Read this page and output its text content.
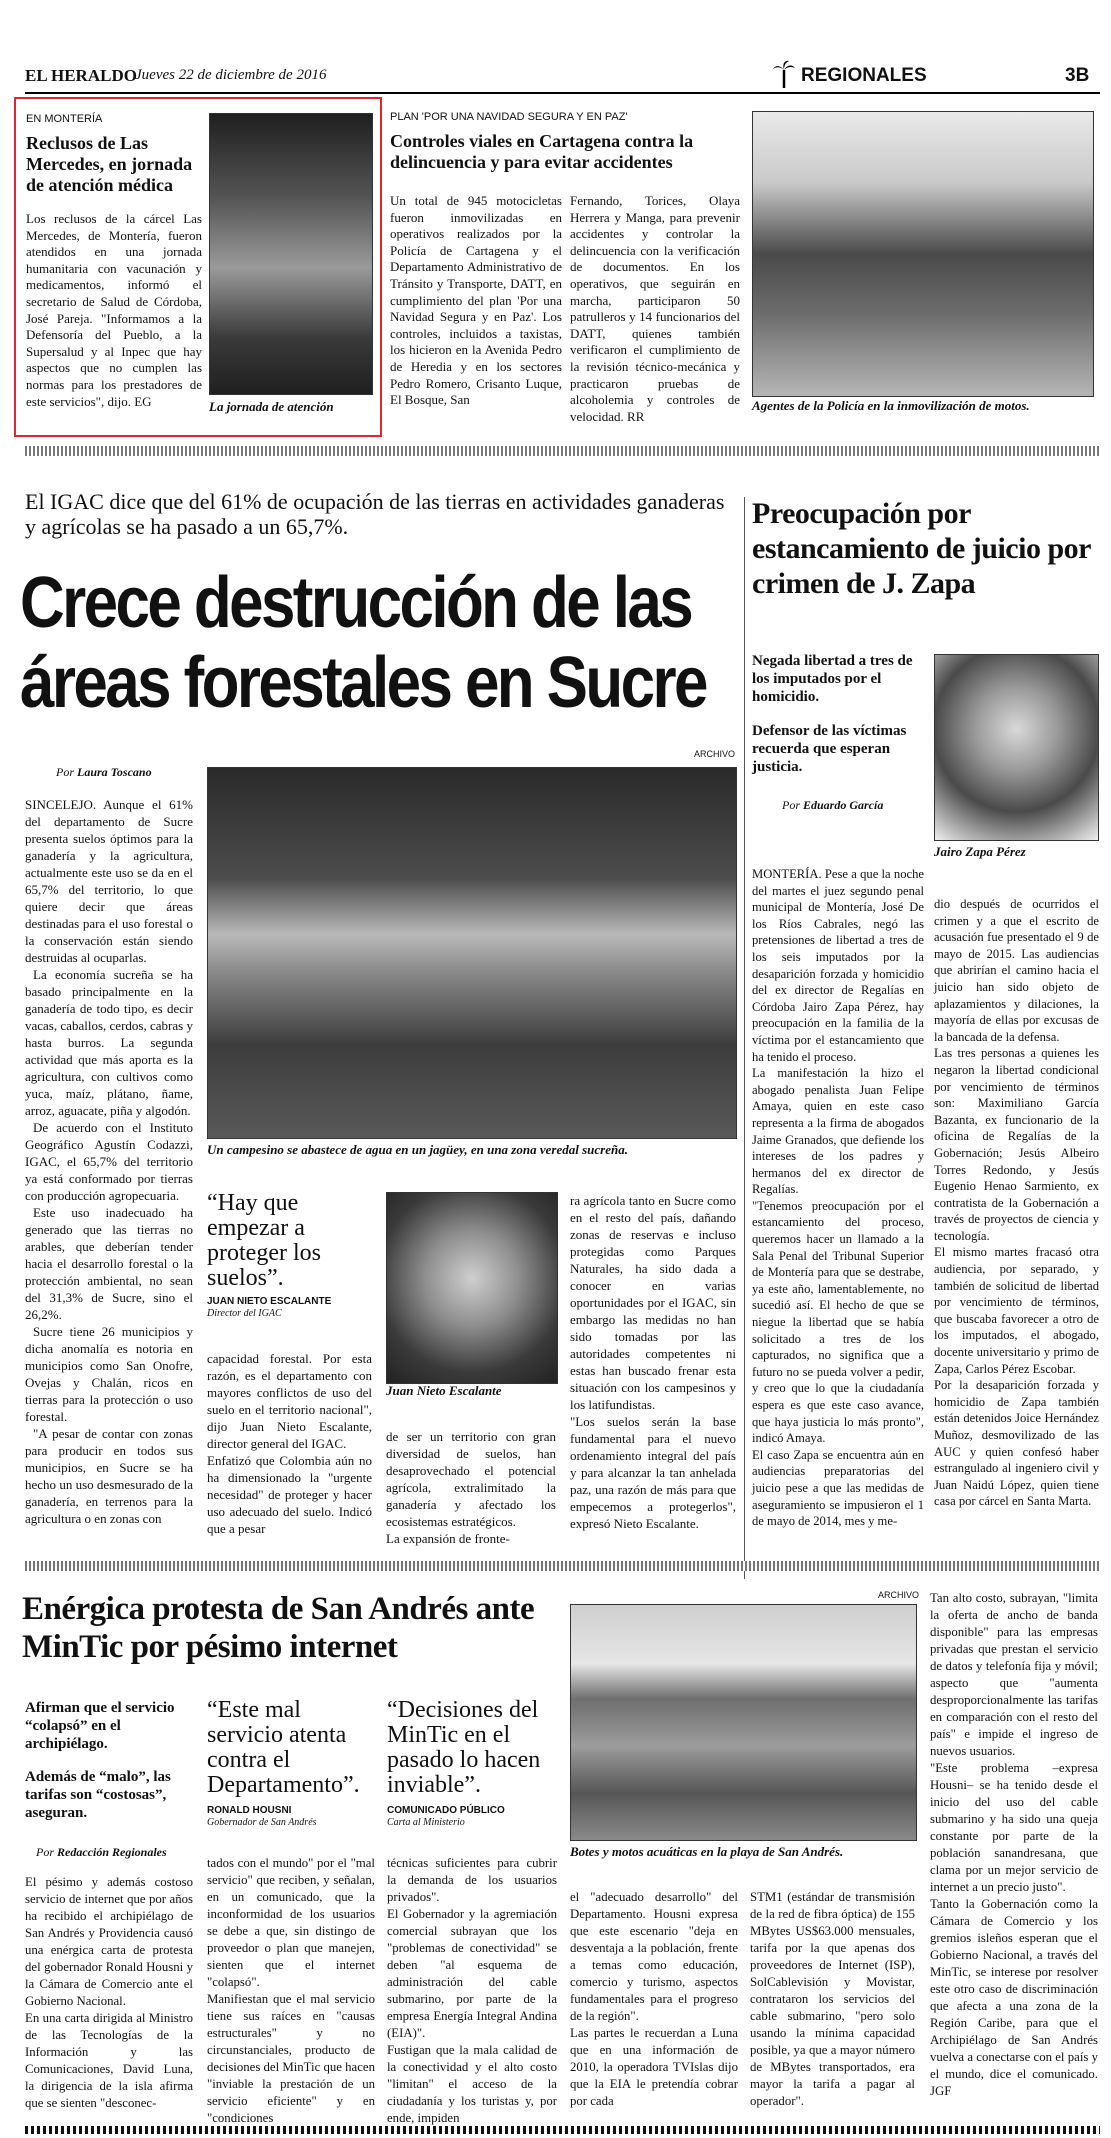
EL HERALDO
Jueves 22 de diciembre de 2016	REGIONALES	3B
EN MONTERÍA
Reclusos de Las Mercedes, en jornada de atención médica
Los reclusos de la cárcel Las Mercedes, de Montería, fueron atendidos en una jornada humanitaria con vacunación y medicamentos, informó el secretario de Salud de Córdoba, José Pareja. "Informamos a la Defensoría del Pueblo, a la Supersalud y al Inpec que hay aspectos que no cumplen las normas para los prestadores de este servicios", dijo. EG	La jornada de atención
PLAN 'POR UNA NAVIDAD SEGURA Y EN PAZ'
Controles viales en Cartagena contra la delincuencia y para evitar accidentes
Un total de 945 motocicletas fueron inmovilizadas en operativos realizados por la Policía de Cartagena y el Departamento Administrativo de Tránsito y Transporte, DATT, en cumplimiento del plan 'Por una Navidad Segura y en Paz'. Los controles, incluidos a taxistas, los hicieron en la Avenida Pedro de Heredia y en los sectores Pedro Romero, Crisanto Luque, El Bosque, San
Fernando, Torices, Olaya Herrera y Manga, para prevenir accidentes y controlar la delincuencia con la verificación de documentos. En los operativos, que seguirán en marcha, participaron 50 patrulleros y 14 funcionarios del DATT, quienes también verificaron el cumplimiento de la revisión técnico-mecánica y practicaron pruebas de alcoholemia y controles de velocidad. RR
Agentes de la Policía en la inmovilización de motos.
El IGAC dice que del 61% de ocupación de las tierras en actividades ganaderas y agrícolas se ha pasado a un 65,7%.
Crece destrucción de las áreas forestales en Sucre
ARCHIVO
Por Laura Toscano

SINCELEJO. Aunque el 61% del departamento de Sucre presenta suelos óptimos para la ganadería y la agricultura, actualmente este uso se da en el 65,7% del territorio, lo que quiere decir que áreas destinadas para el uso forestal o la conservación están siendo destruidas al ocuparlas.

La economía sucreña se ha basado principalmente en la ganadería de todo tipo, es decir vacas, caballos, cerdos, cabras y hasta burros. La segunda actividad que más aporta es la agricultura, con cultivos como yuca, maíz, plátano, ñame, arroz, aguacate, piña y algodón.

De acuerdo con el Instituto Geográfico Agustín Codazzi, IGAC, el 65,7% del territorio ya está conformado por tierras con producción agropecuaria.

Este uso inadecuado ha generado que las tierras no arables, que deberían tender hacia el desarrollo forestal o la protección ambiental, no sean del 31,3% de Sucre, sino el 26,2%.

Sucre tiene 26 municipios y dicha anomalía es notoria en municipios como San Onofre, Ovejas y Chalán, ricos en tierras para la protección o uso forestal.

"A pesar de contar con zonas para producir en todos sus municipios, en Sucre se ha hecho un uso desmesurado de la ganadería, en terrenos para la agricultura o en zonas con

Un campesino se abastece de agua en un jagüey, en una zona veredal sucreña.
“Hay que empezar a proteger los suelos”.
JUAN NIETO ESCALANTE
Director del IGAC
capacidad forestal. Por esta razón, es el departamento con mayores conflictos de uso del suelo en el territorio nacional", dijo Juan Nieto Escalante, director general del IGAC.
Enfatizó que Colombia aún no ha dimensionado la "urgente necesidad" de proteger y hacer uso adecuado del suelo. Indicó que a pesar
Juan Nieto Escalante
de ser un territorio con gran diversidad de suelos, han desaprovechado el potencial agrícola, extralimitado la ganadería y afectado los ecosistemas estratégicos.
La expansión de fronte-
ra agrícola tanto en Sucre como en el resto del país, dañando zonas de reservas e incluso protegidas como Parques Naturales, ha sido dada a conocer en varias oportunidades por el IGAC, sin embargo las medidas no han sido tomadas por las autoridades competentes ni estas han buscado frenar esta situación con los campesinos y los latifundistas.
"Los suelos serán la base fundamental para el nuevo ordenamiento integral del país y para alcanzar la tan anhelada paz, una razón de más para que empecemos a protegerlos", expresó Nieto Escalante.
Preocupación por estancamiento de juicio por crimen de J. Zapa
Negada libertad a tres de los imputados por el homicidio.
Defensor de las víctimas recuerda que esperan justicia.
Por Eduardo García
Jairo Zapa Pérez
MONTERÍA. Pese a que la noche del martes el juez segundo penal municipal de Montería, José De los Ríos Cabrales, negó las pretensiones de libertad a tres de los seis imputados por la desaparición forzada y homicidio del ex director de Regalías en Córdoba Jairo Zapa Pérez, hay preocupación en la familia de la víctima por el estancamiento que ha tenido el proceso.
La manifestación la hizo el abogado penalista Juan Felipe Amaya, quien en este caso representa a la firma de abogados Jaime Granados, que defiende los intereses de los padres y hermanos del ex director de Regalías.
"Tenemos preocupación por el estancamiento del proceso, queremos hacer un llamado a la Sala Penal del Tribunal Superior de Montería para que se destrabe, ya este año, lamentablemente, no sucedió así. El hecho de que se niegue la libertad que se había solicitado a tres de los capturados, no significa que a futuro no se pueda volver a pedir, y creo que lo que la ciudadanía espera es que este caso avance, que haya justicia lo más pronto", indicó Amaya.
El caso Zapa se encuentra aún en audiencias preparatorias del juicio pese a que las medidas de aseguramiento se impusieron el 1 de mayo de 2014, mes y me-
dio después de ocurridos el crimen y a que el escrito de acusación fue presentado el 9 de mayo de 2015. Las audiencias que abrirían el camino hacia el juicio han sido objeto de aplazamientos y dilaciones, la mayoría de ellas por excusas de la bancada de la defensa.
Las tres personas a quienes les negaron la libertad condicional por vencimiento de términos son: Maximiliano García Bazanta, ex funcionario de la oficina de Regalías de la Gobernación; Jesús Albeiro Torres Redondo, y Jesús Eugenio Henao Sarmiento, ex contratista de la Gobernación a través de proyectos de ciencia y tecnología.
El mismo martes fracasó otra audiencia, por separado, y también de solicitud de libertad por vencimiento de términos, que buscaba favorecer a otro de los imputados, el abogado, docente universitario y primo de Zapa, Carlos Pérez Escobar.
Por la desaparición forzada y homicidio de Zapa también están detenidos Joice Hernández Muñoz, desmovilizado de las AUC y quien confesó haber estrangulado al ingeniero civil y Juan Naidú López, quien tiene casa por cárcel en Santa Marta.
Enérgica protesta de San Andrés ante MinTic por pésimo internet
Afirman que el servicio “colapsó” en el archipiélago.
Además de “malo”, las tarifas son “costosas”, aseguran.
Por Redacción Regionales
“Este mal servicio atenta contra el Departamento”.
RONALD HOUSNI
Gobernador de San Andrés
“Decisiones del MinTic en el pasado lo hacen inviable”.
COMUNICADO PÚBLICO
Carta al Ministerio
ARCHIVO
Botes y motos acuáticas en la playa de San Andrés.
El pésimo y además costoso servicio de internet que por años ha recibido el archipiélago de San Andrés y Providencia causó una enérgica carta de protesta del gobernador Ronald Housni y la Cámara de Comercio ante el Gobierno Nacional.
En una carta dirigida al Ministro de las Tecnologías de la Información y las Comunicaciones, David Luna, la dirigencia de la isla afirma que se sienten "desconec-
tados con el mundo" por el "mal servicio" que reciben, y señalan, en un comunicado, que la inconformidad de los usuarios se debe a que, sin distingo de proveedor o plan que manejen, sienten que el internet "colapsó".
Manifiestan que el mal servicio tiene sus raíces en "causas estructurales" y no circunstanciales, producto de decisiones del MinTic que hacen "inviable la prestación de un servicio eficiente" y en "condiciones
técnicas suficientes para cubrir la demanda de los usuarios privados".
El Gobernador y la agremiación comercial subrayan que los "problemas de conectividad" se deben "al esquema de administración del cable submarino, por parte de la empresa Energía Integral Andina (EIA)".
Fustigan que la mala calidad de la conectividad y el alto costo "limitan" el acceso de la ciudadanía y los turistas y, por ende, impiden
el "adecuado desarrollo" del Departamento. Housni expresa que este escenario "deja en desventaja a la población, frente a temas como educación, comercio y turismo, aspectos fundamentales para el progreso de la región".
Las partes le recuerdan a Luna que en una información de 2010, la operadora TVIslas dijo que la EIA le pretendía cobrar por cada
STM1 (estándar de transmisión de la red de fibra óptica) de 155 MBytes US$63.000 mensuales, tarifa por la que apenas dos proveedores de Internet (ISP), SolCablevisión y Movistar, contrataron los servicios del cable submarino, "pero solo usando la mínima capacidad posible, ya que a mayor número de MBytes transportados, era mayor la tarifa a pagar al operador".
Tan alto costo, subrayan, "limita la oferta de ancho de banda disponible" para las empresas privadas que prestan el servicio de datos y telefonía fija y móvil; aspecto que "aumenta desproporcionalmente las tarifas en comparación con el resto del país" e impide el ingreso de nuevos usuarios.
"Este problema –expresa Housni– se ha tenido desde el inicio del uso del cable submarino y ha sido una queja constante por parte de la población sanandresana, que clama por un mejor servicio de internet a un precio justo".
Tanto la Gobernación como la Cámara de Comercio y los gremios isleños esperan que el Gobierno Nacional, a través del MinTic, se interese por resolver este otro caso de discriminación que afecta a una zona de la Región Caribe, para que el Archipiélago de San Andrés vuelva a conectarse con el país y el mundo, dice el comunicado. JGF
